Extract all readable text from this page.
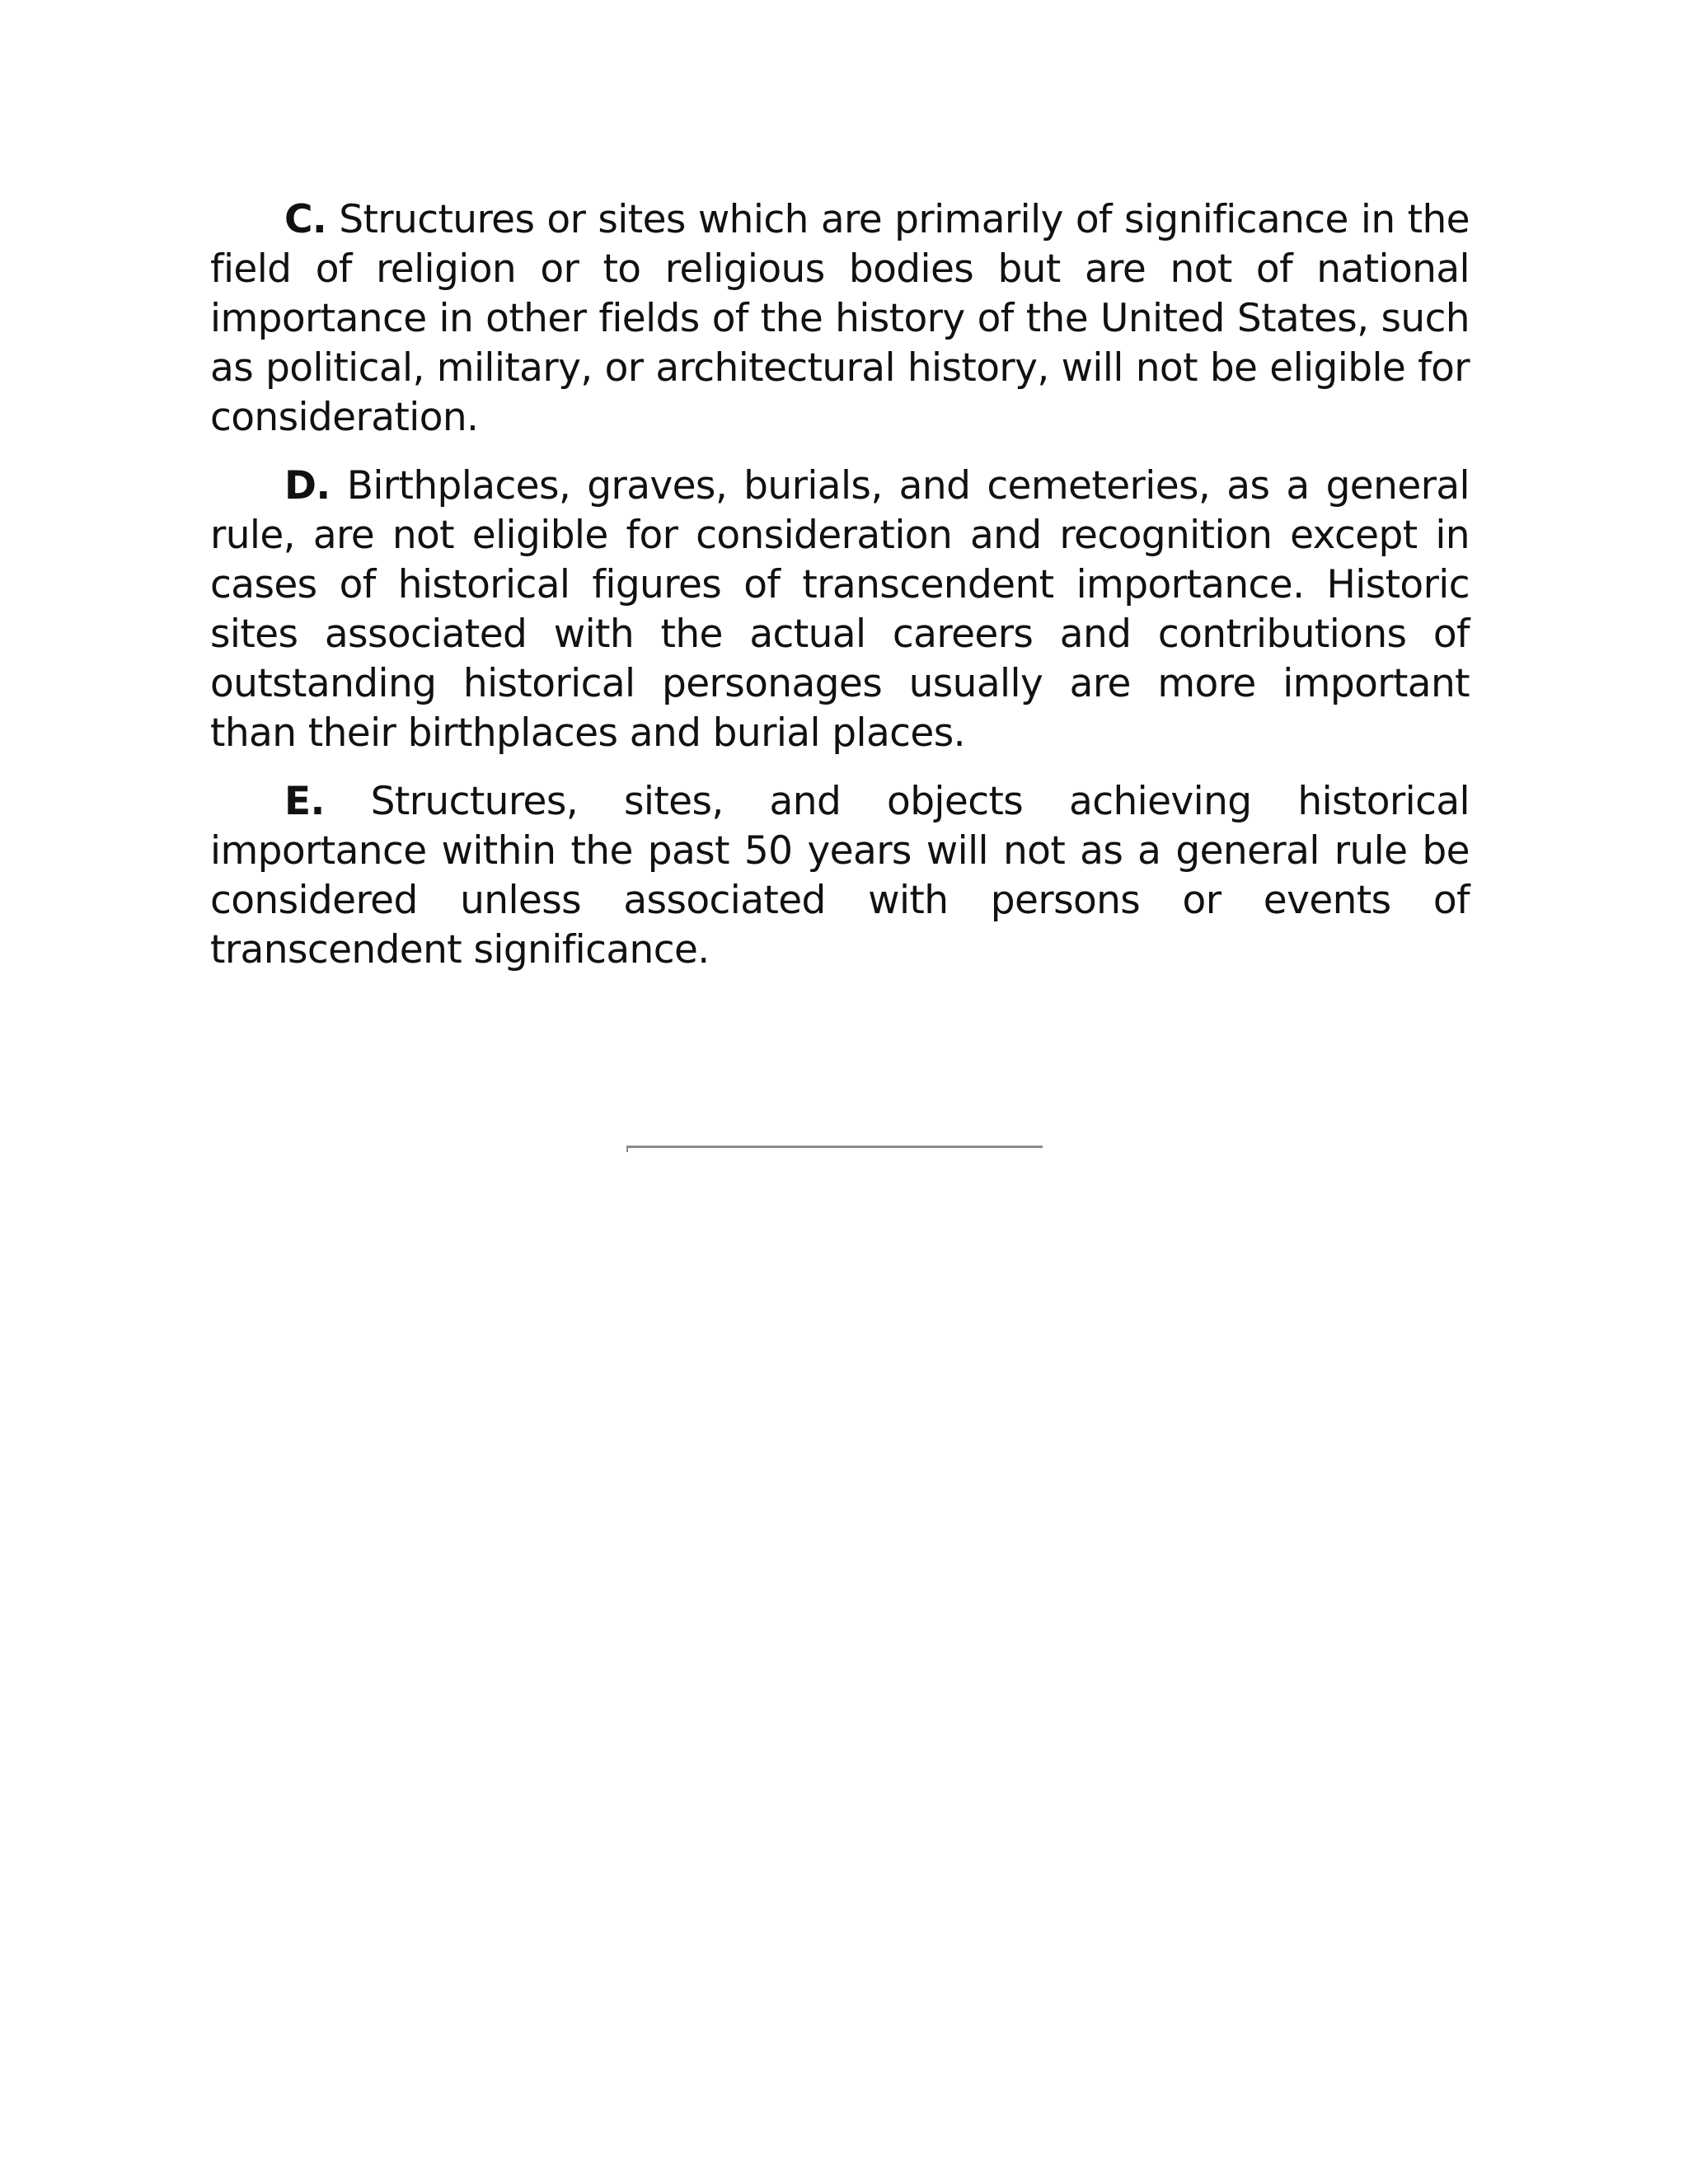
C. Structures or sites which are primarily of significance in the field of religion or to religious bodies but are not of national importance in other fields of the history of the United States, such as political, military, or architectural history, will not be eligible for consideration.

D. Birthplaces, graves, burials, and cemeteries, as a general rule, are not eligible for consideration and recognition except in cases of historical figures of transcendent importance. Historic sites associated with the actual careers and contributions of outstanding historical personages usually are more important than their birthplaces and burial places.

E. Structures, sites, and objects achieving historical importance within the past 50 years will not as a general rule be considered unless associated with persons or events of transcendent significance.
